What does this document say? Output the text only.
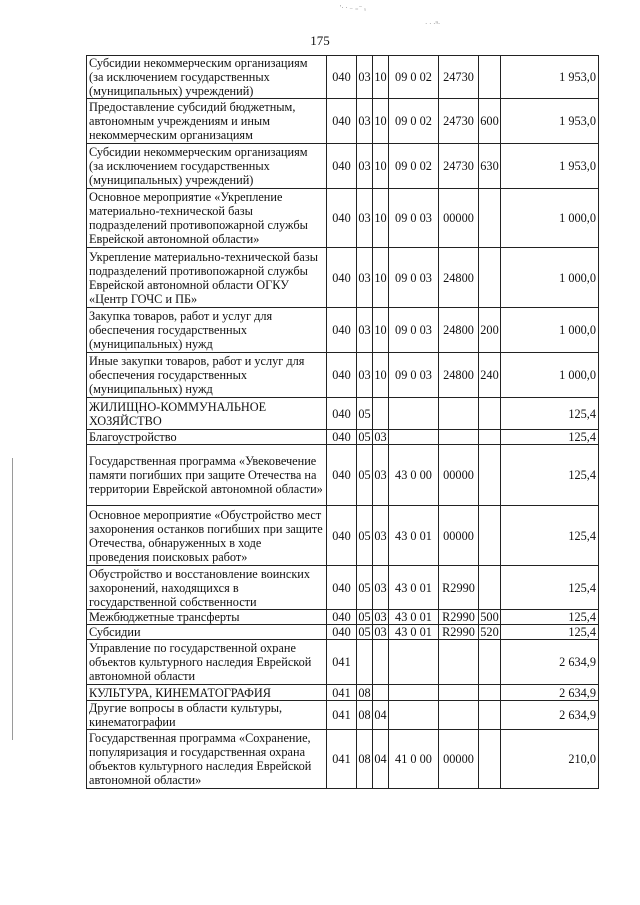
'· · ₋ ₌⁻ ₓ
· · ·⁹·
175
Субсидии некоммерческим организациям (за исключением государственных (муниципальных) учреждений)	040	03	10	09 0 02	24730		1 953,0
Предоставление субсидий бюджетным, автономным учреждениям и иным некоммерческим организациям	040	03	10	09 0 02	24730	600	1 953,0
Субсидии некоммерческим организациям (за исключением государственных (муниципальных) учреждений)	040	03	10	09 0 02	24730	630	1 953,0
Основное мероприятие «Укрепление материально-технической базы подразделений противопожарной службы Еврейской автономной области»	040	03	10	09 0 03	00000		1 000,0
Укрепление материально-технической базы подразделений противопожарной службы Еврейской автономной области ОГКУ «Центр ГОЧС и ПБ»	040	03	10	09 0 03	24800		1 000,0
Закупка товаров, работ и услуг для обеспечения государственных (муниципальных) нужд	040	03	10	09 0 03	24800	200	1 000,0
Иные закупки товаров, работ и услуг для обеспечения государственных (муниципальных) нужд	040	03	10	09 0 03	24800	240	1 000,0
ЖИЛИЩНО-КОММУНАЛЬНОЕ ХОЗЯЙСТВО	040	05					125,4
Благоустройство	040	05	03				125,4
Государственная программа «Увековечение памяти погибших при защите Отечества на территории Еврейской автономной области»	040	05	03	43 0 00	00000		125,4
Основное мероприятие «Обустройство мест захоронения останков погибших при защите Отечества, обнаруженных в ходе проведения поисковых работ»	040	05	03	43 0 01	00000		125,4
Обустройство и восстановление воинских захоронений, находящихся в государственной собственности	040	05	03	43 0 01	R2990		125,4
Межбюджетные трансферты	040	05	03	43 0 01	R2990	500	125,4
Субсидии	040	05	03	43 0 01	R2990	520	125,4
Управление по государственной охране объектов культурного наследия Еврейской автономной области	041						2 634,9
КУЛЬТУРА, КИНЕМАТОГРАФИЯ	041	08					2 634,9
Другие вопросы в области культуры, кинематографии	041	08	04				2 634,9
Государственная программа «Сохранение, популяризация и государственная охрана объектов культурного наследия Еврейской автономной области»	041	08	04	41 0 00	00000		210,0
